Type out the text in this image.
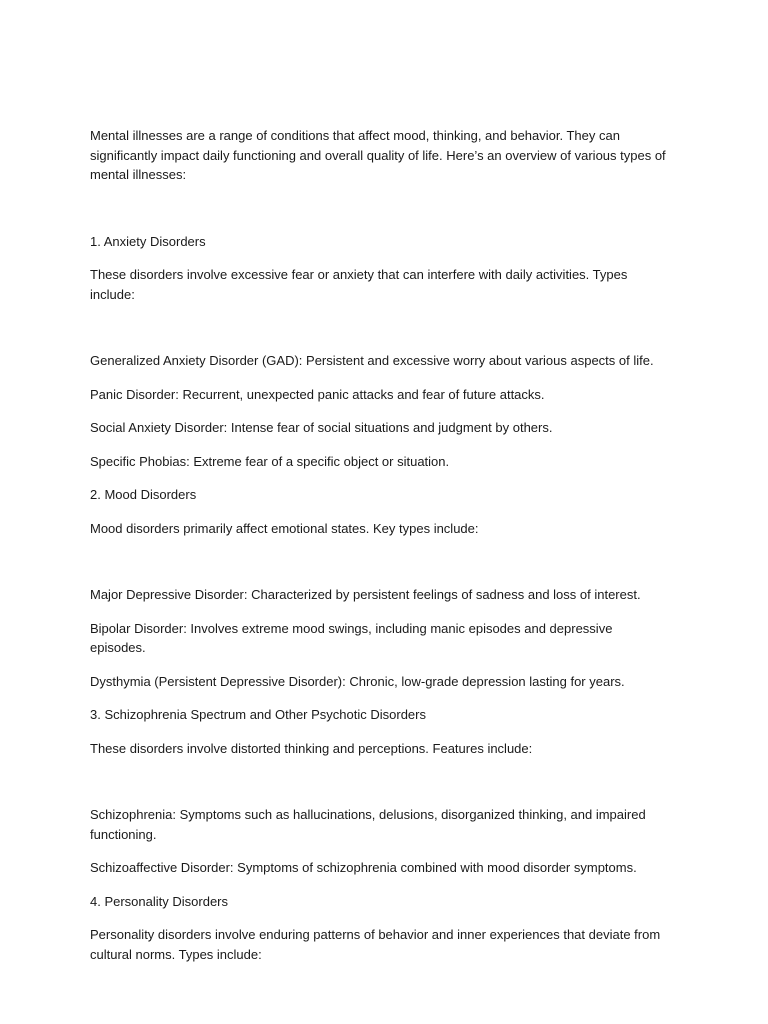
Mental illnesses are a range of conditions that affect mood, thinking, and behavior. They can significantly impact daily functioning and overall quality of life. Here’s an overview of various types of mental illnesses:

1. Anxiety Disorders

These disorders involve excessive fear or anxiety that can interfere with daily activities. Types include:

Generalized Anxiety Disorder (GAD): Persistent and excessive worry about various aspects of life.

Panic Disorder: Recurrent, unexpected panic attacks and fear of future attacks.

Social Anxiety Disorder: Intense fear of social situations and judgment by others.

Specific Phobias: Extreme fear of a specific object or situation.

2. Mood Disorders

Mood disorders primarily affect emotional states. Key types include:

Major Depressive Disorder: Characterized by persistent feelings of sadness and loss of interest.

Bipolar Disorder: Involves extreme mood swings, including manic episodes and depressive episodes.

Dysthymia (Persistent Depressive Disorder): Chronic, low-grade depression lasting for years.

3. Schizophrenia Spectrum and Other Psychotic Disorders

These disorders involve distorted thinking and perceptions. Features include:

Schizophrenia: Symptoms such as hallucinations, delusions, disorganized thinking, and impaired functioning.

Schizoaffective Disorder: Symptoms of schizophrenia combined with mood disorder symptoms.

4. Personality Disorders

Personality disorders involve enduring patterns of behavior and inner experiences that deviate from cultural norms. Types include:
